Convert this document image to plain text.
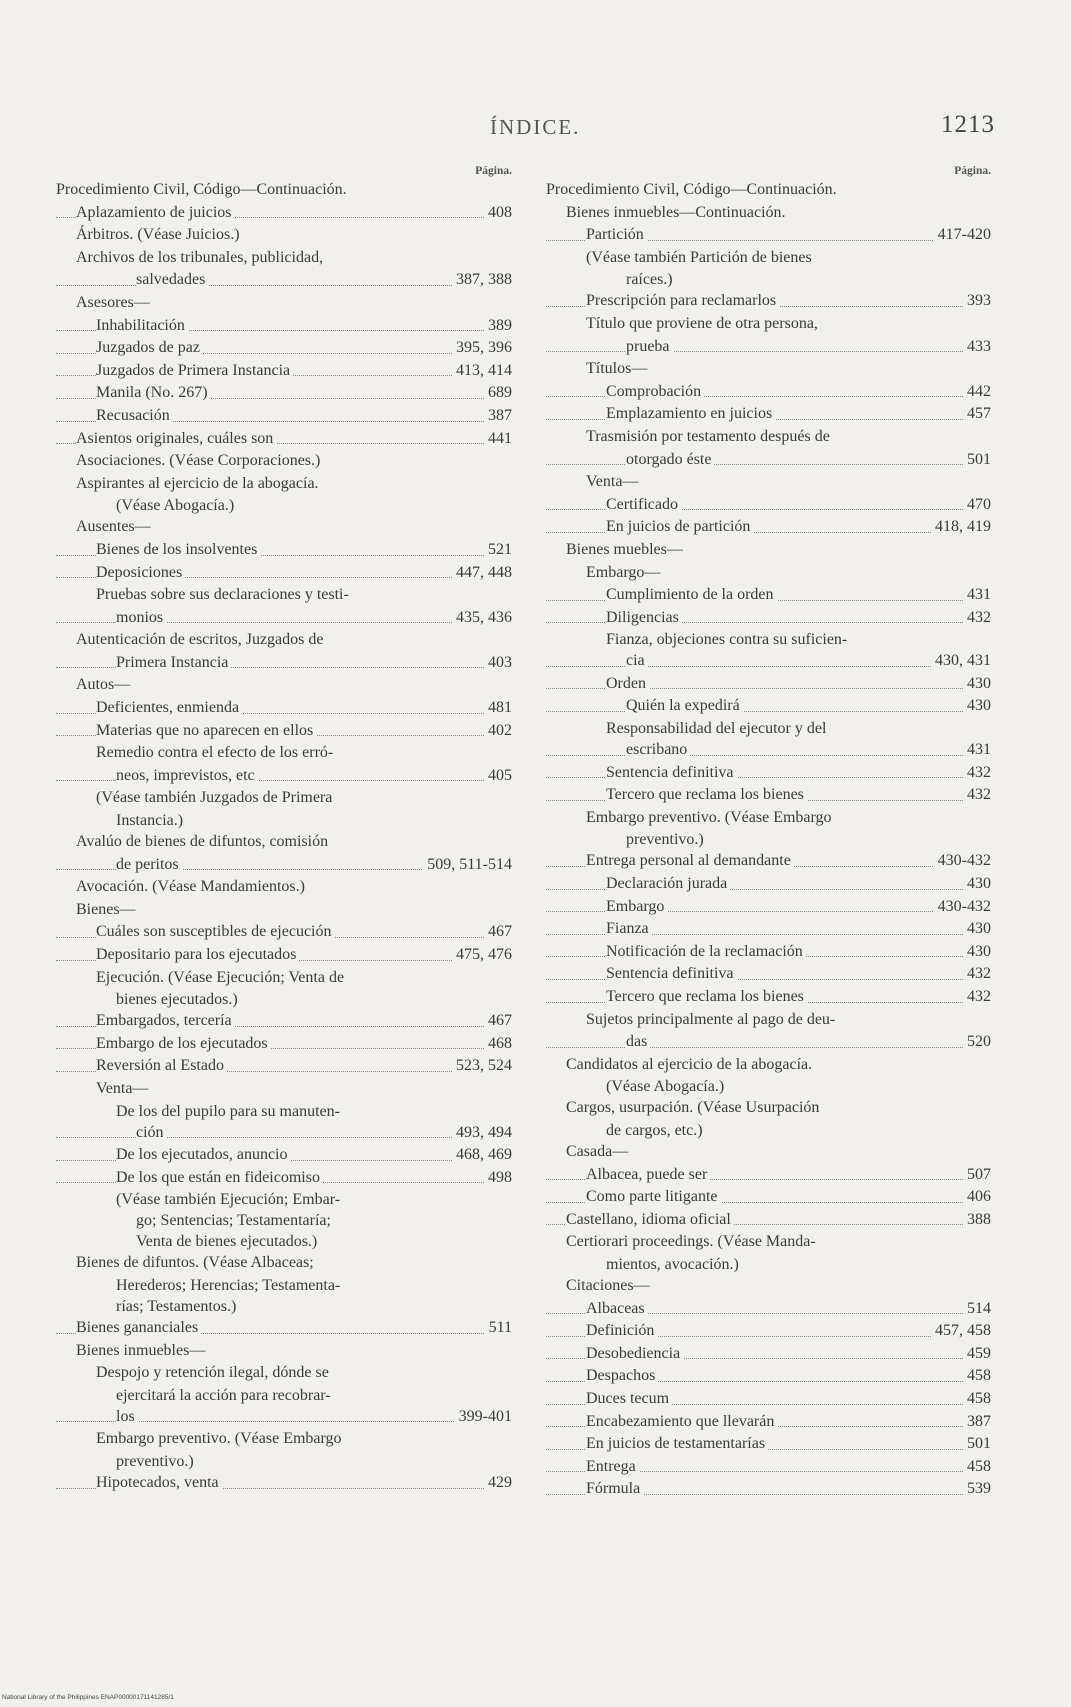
ÍNDICE.	1213
Página.
Procedimiento Civil, Código—Continuación.
Aplazamiento de juicios	408
Árbitros. (Véase Juicios.)
Archivos de los tribunales, publicidad,
salvedades	387, 388
Asesores—
Inhabilitación	389
Juzgados de paz	395, 396
Juzgados de Primera Instancia	413, 414
Manila (No. 267)	689
Recusación	387
Asientos originales, cuáles son	441
Asociaciones. (Véase Corporaciones.)
Aspirantes al ejercicio de la abogacía.
(Véase Abogacía.)
Ausentes—
Bienes de los insolventes	521
Deposiciones	447, 448
Pruebas sobre sus declaraciones y testi-
monios	435, 436
Autenticación de escritos, Juzgados de
Primera Instancia	403
Autos—
Deficientes, enmienda	481
Materias que no aparecen en ellos	402
Remedio contra el efecto de los erró-
neos, imprevistos, etc	405
(Véase también Juzgados de Primera
Instancia.)
Avalúo de bienes de difuntos, comisión
de peritos	509, 511-514
Avocación. (Véase Mandamientos.)
Bienes—
Cuáles son susceptibles de ejecución	467
Depositario para los ejecutados	475, 476
Ejecución. (Véase Ejecución; Venta de
bienes ejecutados.)
Embargados, tercería	467
Embargo de los ejecutados	468
Reversión al Estado	523, 524
Venta—
De los del pupilo para su manuten-
ción	493, 494
De los ejecutados, anuncio	468, 469
De los que están en fideicomiso	498
(Véase también Ejecución; Embar-
go; Sentencias; Testamentaría;
Venta de bienes ejecutados.)
Bienes de difuntos. (Véase Albaceas;
Herederos; Herencias; Testamenta-
rías; Testamentos.)
Bienes gananciales	511
Bienes inmuebles—
Despojo y retención ilegal, dónde se
ejercitará la acción para recobrar-
los	399-401
Embargo preventivo. (Véase Embargo
preventivo.)
Hipotecados, venta	429
Página.
Procedimiento Civil, Código—Continuación.
Bienes inmuebles—Continuación.
Partición	417-420
(Véase también Partición de bienes
raíces.)
Prescripción para reclamarlos	393
Título que proviene de otra persona,
prueba	433
Títulos—
Comprobación	442
Emplazamiento en juicios	457
Trasmisión por testamento después de
otorgado éste	501
Venta—
Certificado	470
En juicios de partición	418, 419
Bienes muebles—
Embargo—
Cumplimiento de la orden	431
Diligencias	432
Fianza, objeciones contra su suficien-
cia	430, 431
Orden	430
Quién la expedirá	430
Responsabilidad del ejecutor y del
escribano	431
Sentencia definitiva	432
Tercero que reclama los bienes	432
Embargo preventivo. (Véase Embargo
preventivo.)
Entrega personal al demandante	430-432
Declaración jurada	430
Embargo	430-432
Fianza	430
Notificación de la reclamación	430
Sentencia definitiva	432
Tercero que reclama los bienes	432
Sujetos principalmente al pago de deu-
das	520
Candidatos al ejercicio de la abogacía.
(Véase Abogacía.)
Cargos, usurpación. (Véase Usurpación
de cargos, etc.)
Casada—
Albacea, puede ser	507
Como parte litigante	406
Castellano, idioma oficial	388
Certiorari proceedings. (Véase Manda-
mientos, avocación.)
Citaciones—
Albaceas	514
Definición	457, 458
Desobediencia	459
Despachos	458
Duces tecum	458
Encabezamiento que llevarán	387
En juicios de testamentarías	501
Entrega	458
Fórmula	539
National Library of the Philippines ENAP00000171141285/1
